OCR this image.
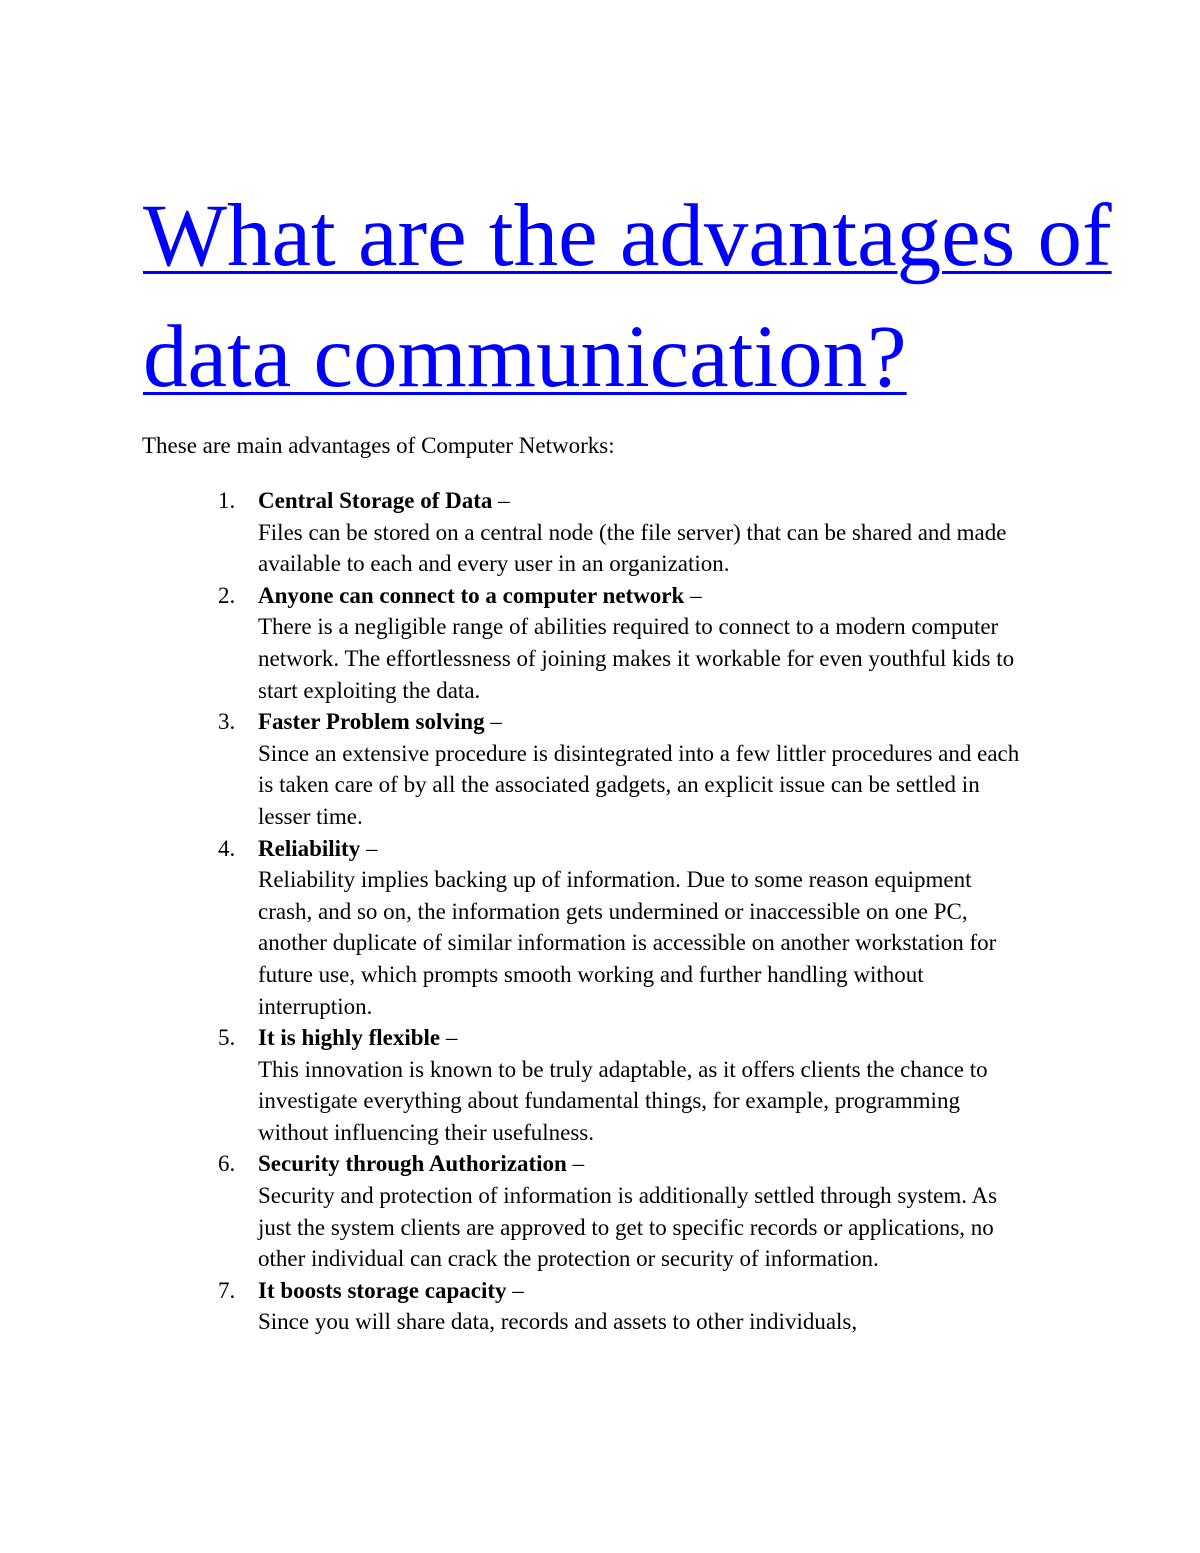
What are the advantages of data communication?

These are main advantages of Computer Networks:

1. Central Storage of Data –
Files can be stored on a central node (the file server) that can be shared and made available to each and every user in an organization.
2. Anyone can connect to a computer network –
There is a negligible range of abilities required to connect to a modern computer network. The effortlessness of joining makes it workable for even youthful kids to start exploiting the data.
3. Faster Problem solving –
Since an extensive procedure is disintegrated into a few littler procedures and each is taken care of by all the associated gadgets, an explicit issue can be settled in lesser time.
4. Reliability –
Reliability implies backing up of information. Due to some reason equipment crash, and so on, the information gets undermined or inaccessible on one PC, another duplicate of similar information is accessible on another workstation for future use, which prompts smooth working and further handling without interruption.
5. It is highly flexible –
This innovation is known to be truly adaptable, as it offers clients the chance to investigate everything about fundamental things, for example, programming without influencing their usefulness.
6. Security through Authorization –
Security and protection of information is additionally settled through system. As just the system clients are approved to get to specific records or applications, no other individual can crack the protection or security of information.
7. It boosts storage capacity –
Since you will share data, records and assets to other individuals,
